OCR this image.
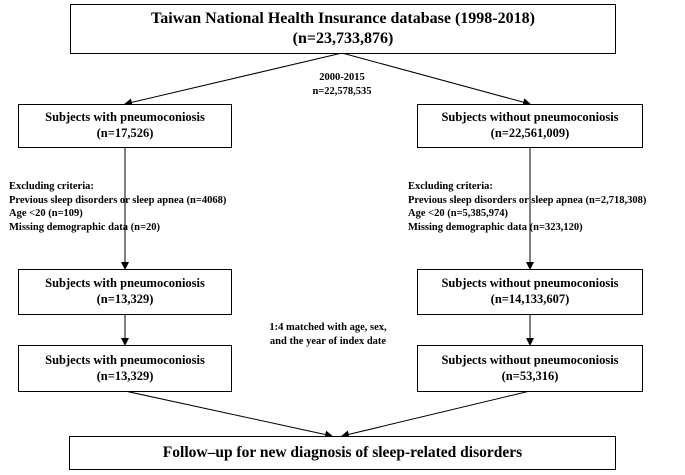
Taiwan National Health Insurance database (1998-2018)
(n=23,733,876)
2000-2015
n=22,578,535
Subjects with pneumoconiosis
(n=17,526)
Subjects without pneumoconiosis
(n=22,561,009)
Excluding criteria:
Previous sleep disorders or sleep apnea (n=4068)
Age <20 (n=109)
Missing demographic data (n=20)
Excluding criteria:
Previous sleep disorders or sleep apnea (n=2,718,308)
Age <20 (n=5,385,974)
Missing demographic data (n=323,120)
Subjects with pneumoconiosis
(n=13,329)
Subjects without pneumoconiosis
(n=14,133,607)
1:4 matched with age, sex,
and the year of index date
Subjects with pneumoconiosis
(n=13,329)
Subjects without pneumoconiosis
(n=53,316)
Follow–up for new diagnosis of sleep-related disorders
